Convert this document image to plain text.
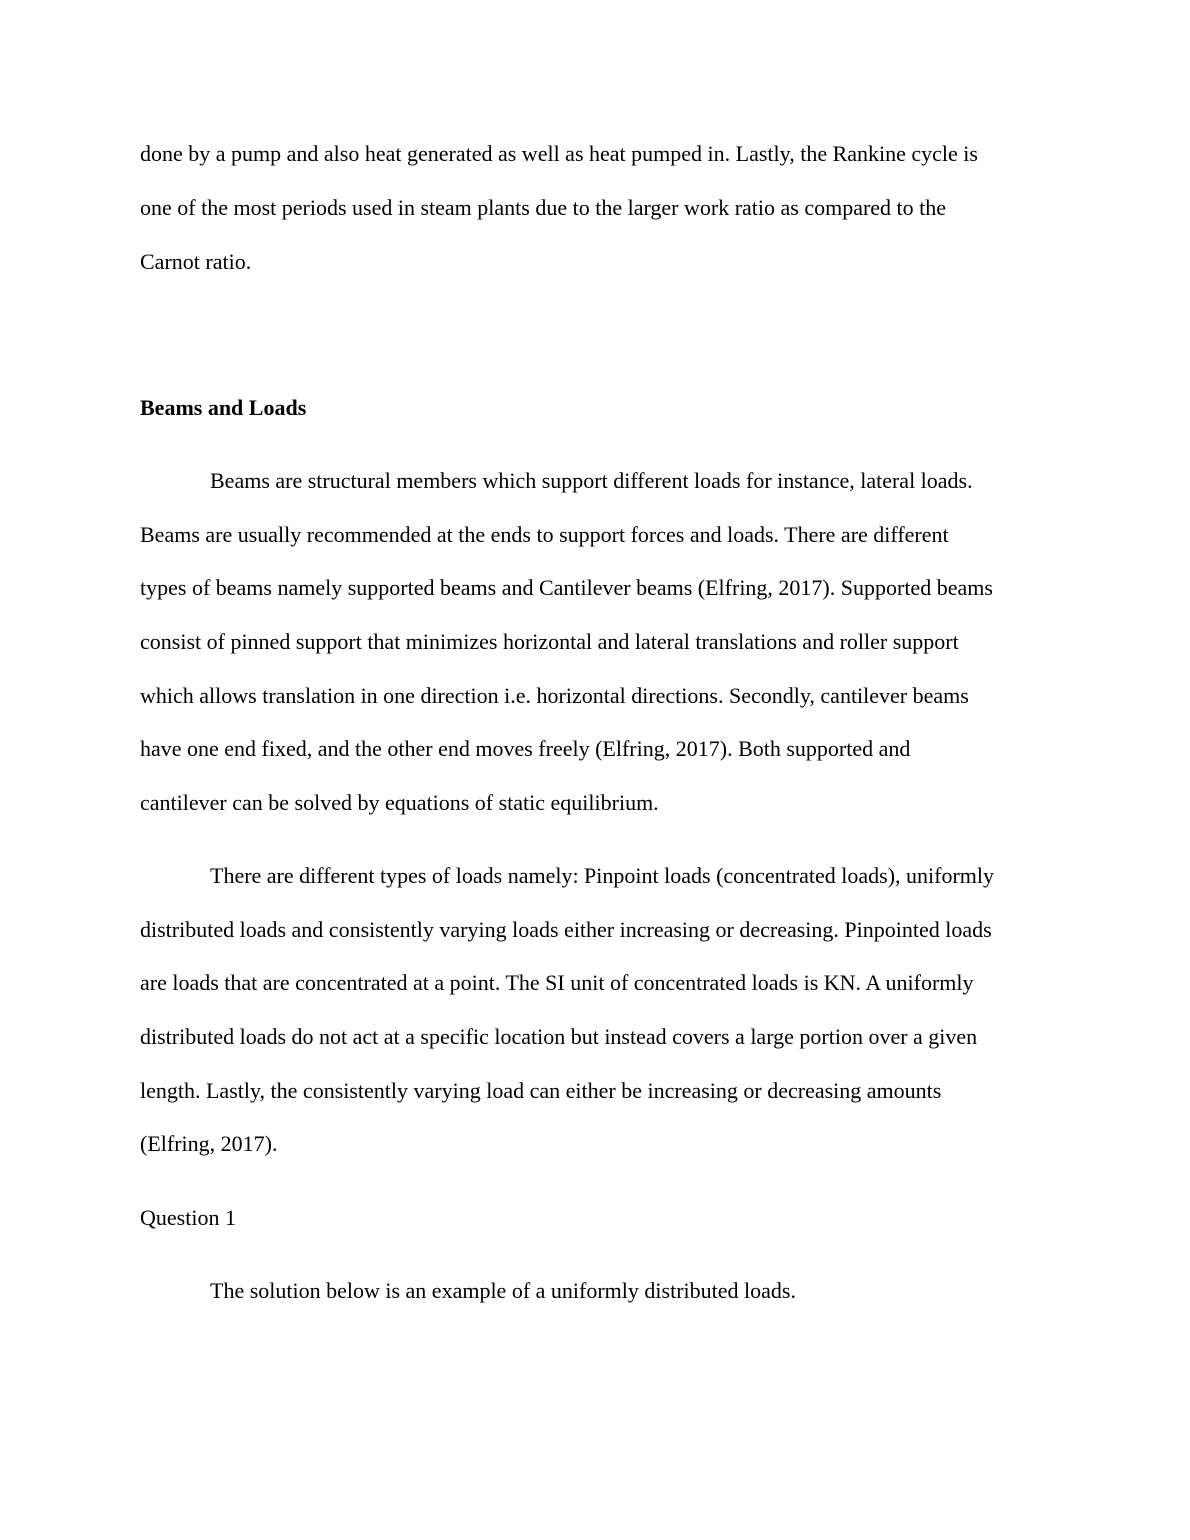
done by a pump and also heat generated as well as heat pumped in. Lastly, the Rankine cycle is
one of the most periods used in steam plants due to the larger work ratio as compared to the
Carnot ratio.
Beams and Loads
Beams are structural members which support different loads for instance, lateral loads.
Beams are usually recommended at the ends to support forces and loads. There are different
types of beams namely supported beams and Cantilever beams (Elfring, 2017). Supported beams
consist of pinned support that minimizes horizontal and lateral translations and roller support
which allows translation in one direction i.e. horizontal directions. Secondly, cantilever beams
have one end fixed, and the other end moves freely (Elfring, 2017). Both supported and
cantilever can be solved by equations of static equilibrium.
There are different types of loads namely: Pinpoint loads (concentrated loads), uniformly
distributed loads and consistently varying loads either increasing or decreasing. Pinpointed loads
are loads that are concentrated at a point. The SI unit of concentrated loads is KN. A uniformly
distributed loads do not act at a specific location but instead covers a large portion over a given
length. Lastly, the consistently varying load can either be increasing or decreasing amounts
(Elfring, 2017).
Question 1
The solution below is an example of a uniformly distributed loads.
